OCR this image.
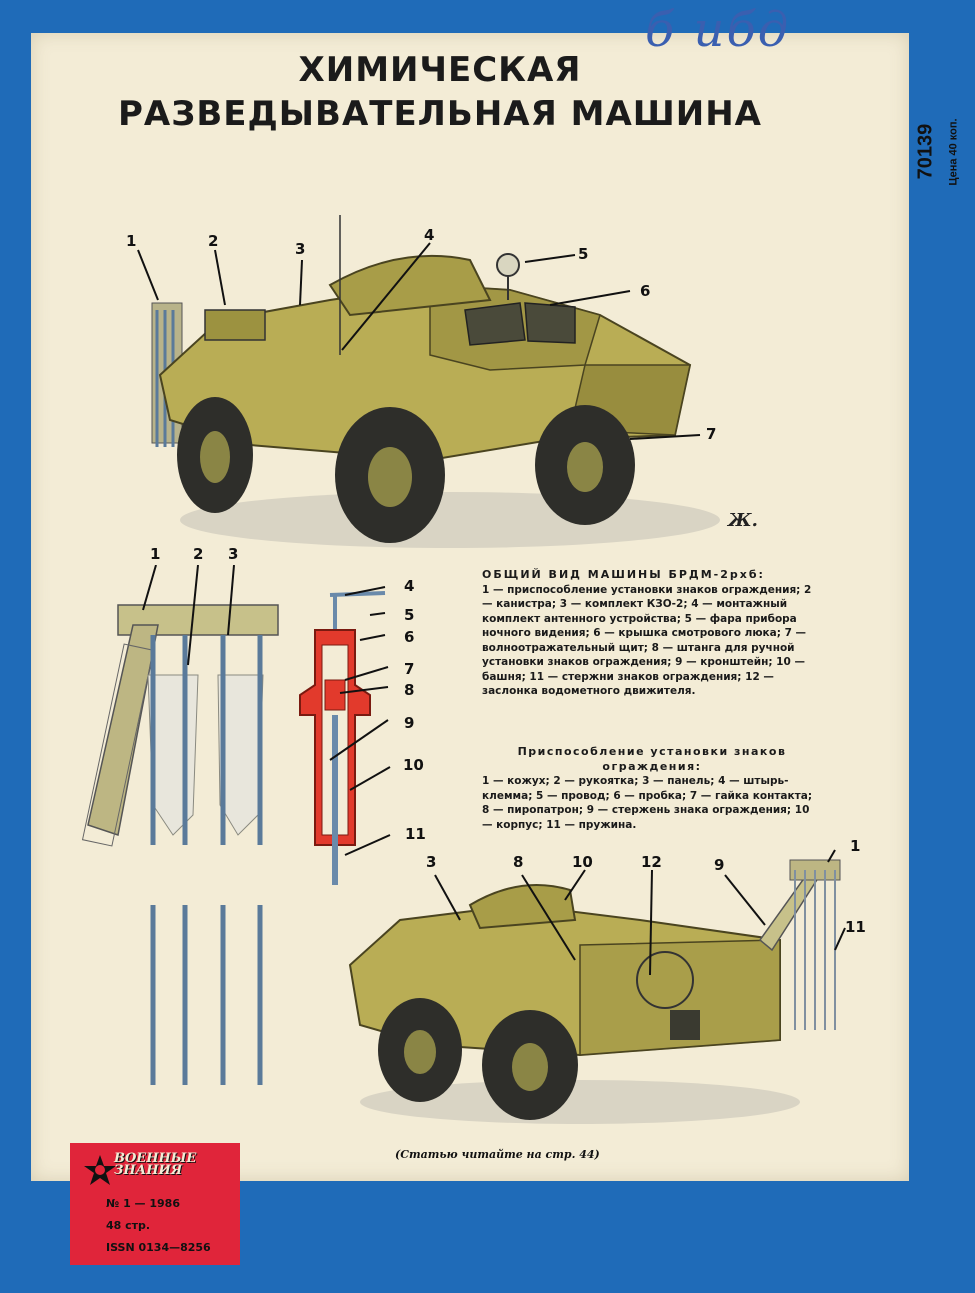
б ибд
70139 Цена 40 коп.
ХИМИЧЕСКАЯ
РАЗВЕДЫВАТЕЛЬНАЯ МАШИНА
1	2	3
4
5
6
7
Ж.
1 2 3
4
5
6
7
8
9
10
11
ОБЩИЙ ВИД МАШИНЫ БРДМ-2рхб:
1 — приспособление установки знаков ограждения; 2 — канистра; 3 — комплект КЗО-2; 4 — монтажный комплект антенного устройства; 5 — фара прибора ночного видения; 6 — крышка смотрового люка; 7 — волноотражательный щит; 8 — штанга для ручной установки знаков ограждения; 9 — кронштейн; 10 — башня; 11 — стержни знаков ограждения; 12 — заслонка водометного движителя.
Приспособление установки знаков ограждения:
1 — кожух; 2 — рукоятка; 3 — панель; 4 — штырь-клемма; 5 — провод; 6 — пробка; 7 — гайка контакта; 8 — пиропатрон; 9 — стержень знака ограждения; 10 — корпус; 11 — пружина.
3	8	10	12	9
1
11
(Статью читайте на стр. 44)
ВОЕННЫЕ
ЗНАНИЯ
№ 1 — 1986
48 стр.
ISSN 0134—8256
